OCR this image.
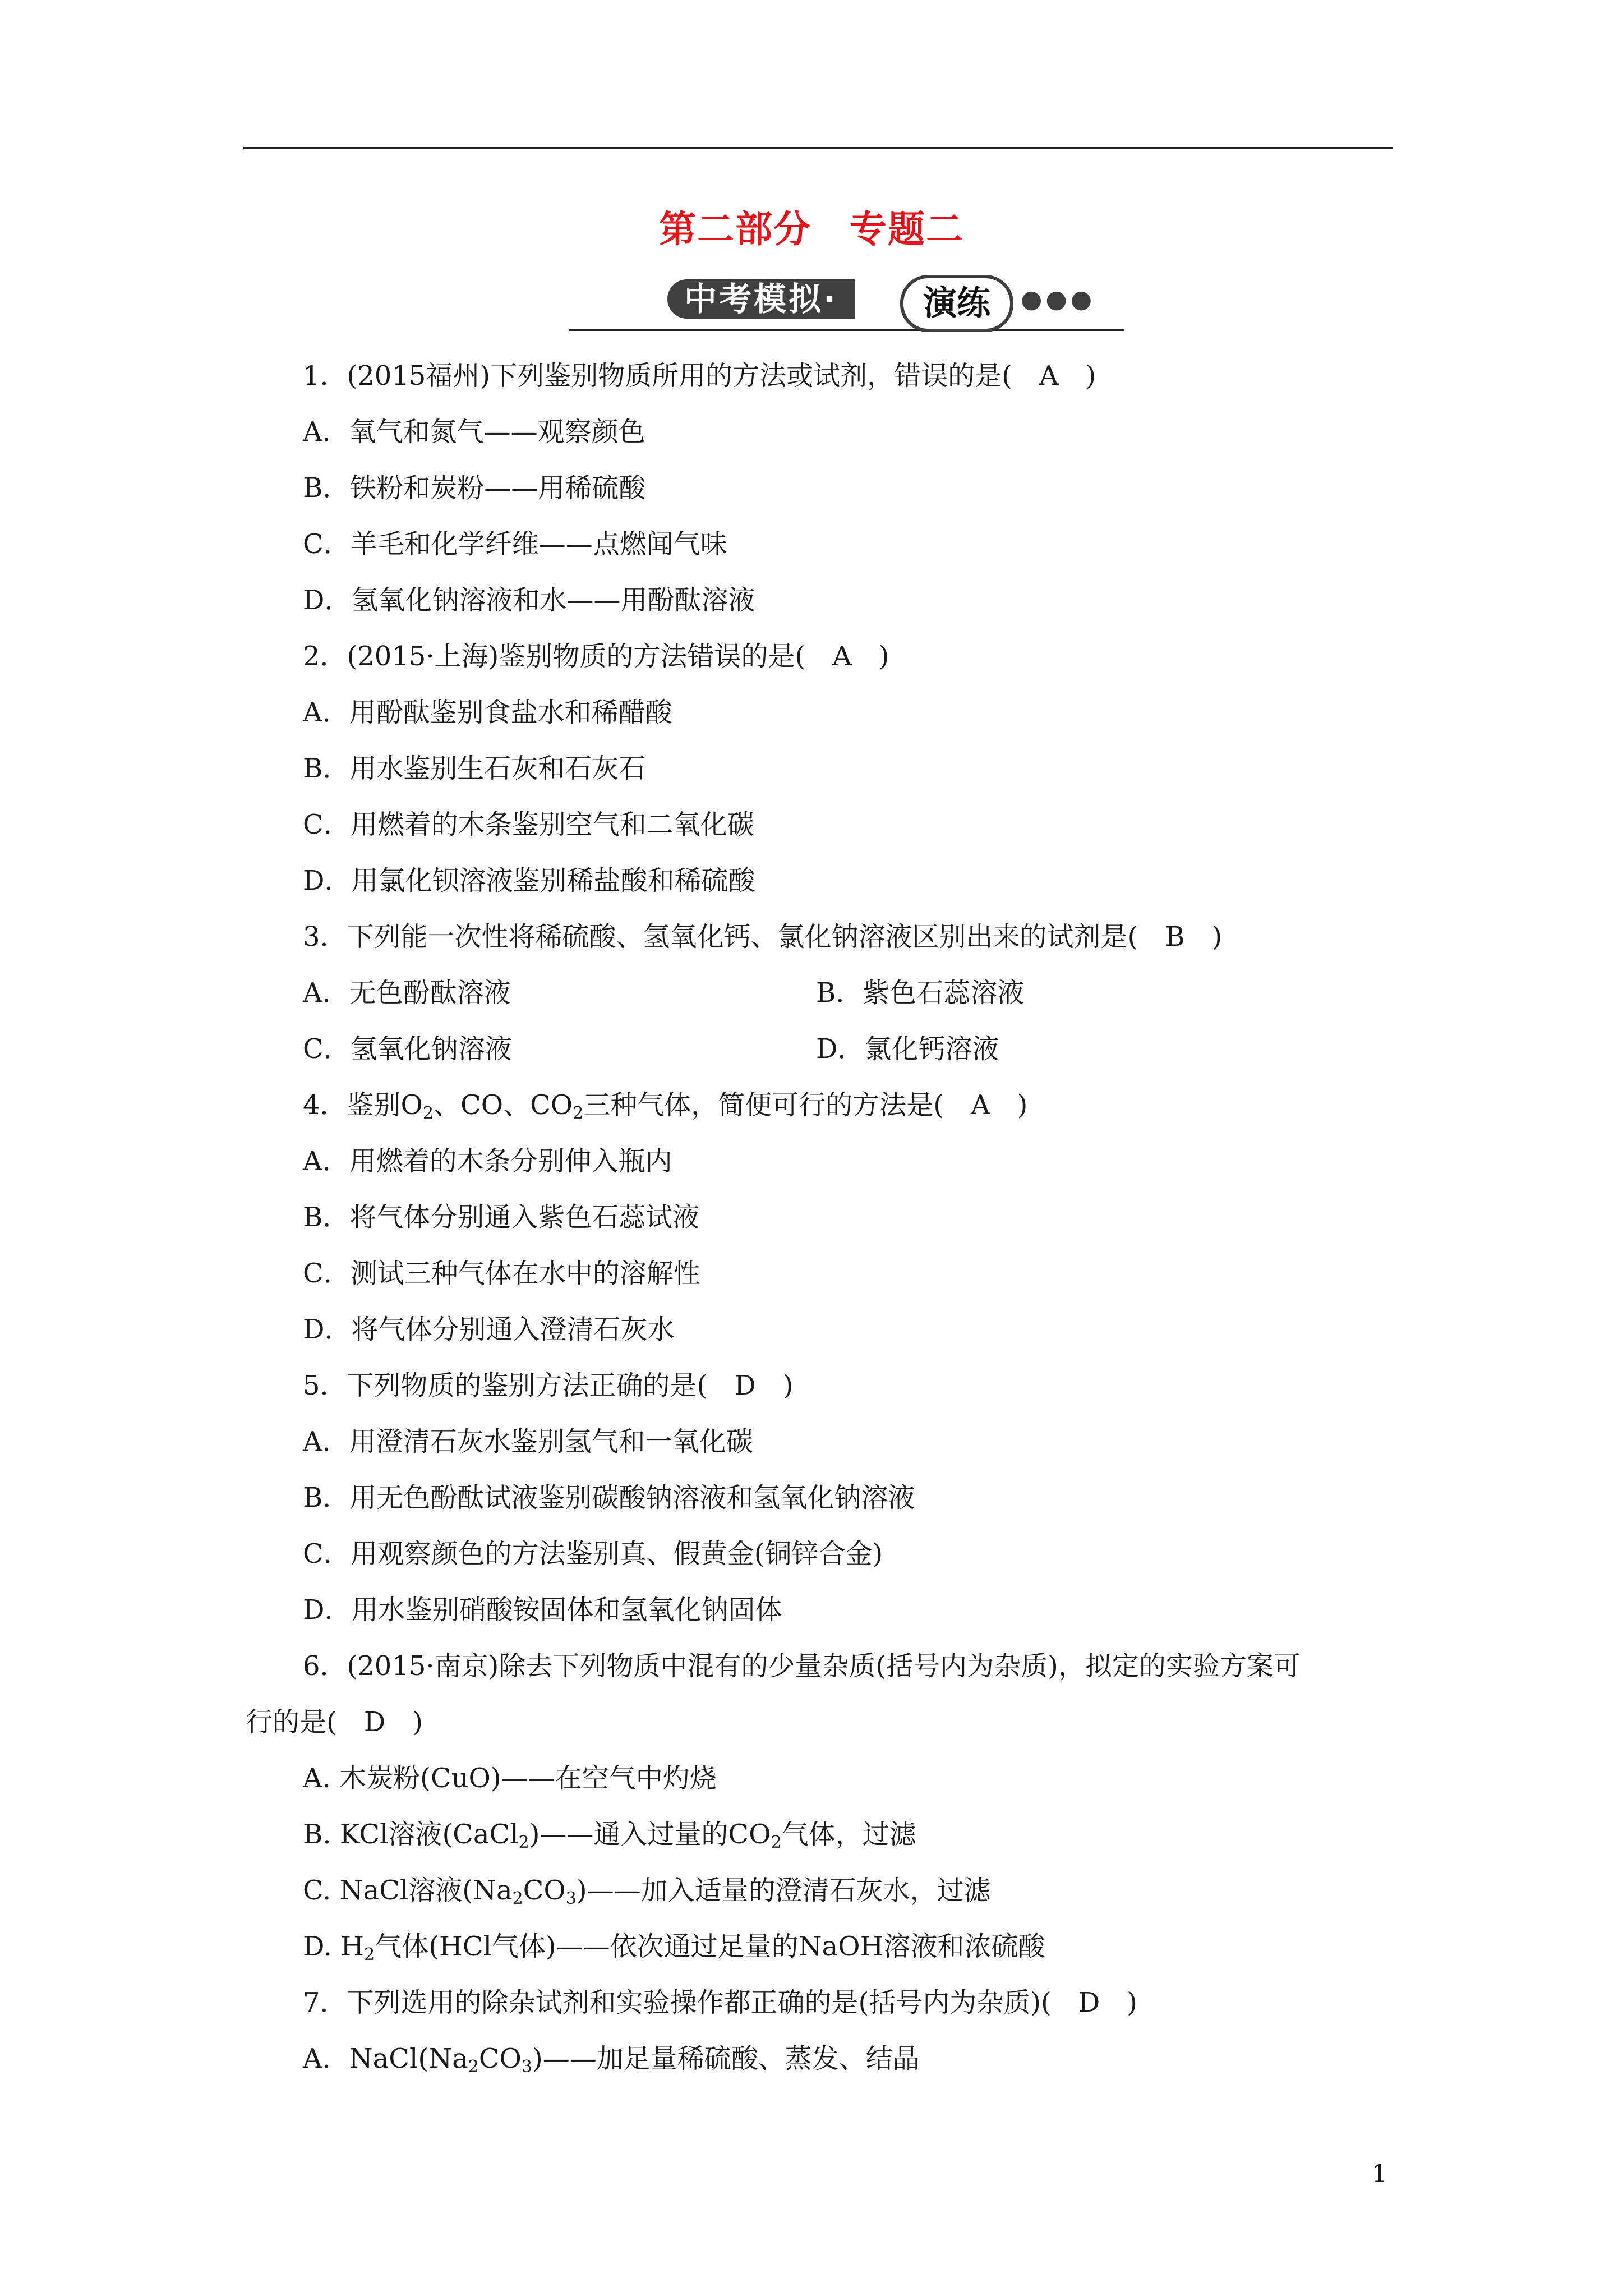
第二部分　专题二
中考模拟·	演练	●●●
1．(2015福州)下列鉴别物质所用的方法或试剂，错误的是(　A　)
A．氧气和氮气——观察颜色
B．铁粉和炭粉——用稀硫酸
C．羊毛和化学纤维——点燃闻气味
D．氢氧化钠溶液和水——用酚酞溶液
2．(2015·上海)鉴别物质的方法错误的是(　A　)
A．用酚酞鉴别食盐水和稀醋酸
B．用水鉴别生石灰和石灰石
C．用燃着的木条鉴别空气和二氧化碳
D．用氯化钡溶液鉴别稀盐酸和稀硫酸
3．下列能一次性将稀硫酸、氢氧化钙、氯化钠溶液区别出来的试剂是(　B　)
A．无色酚酞溶液	B．紫色石蕊溶液
C．氢氧化钠溶液	D．氯化钙溶液
4．鉴别$O_2$、CO、$CO_2$三种气体，简便可行的方法是(　A　)
A．用燃着的木条分别伸入瓶内
B．将气体分别通入紫色石蕊试液
C．测试三种气体在水中的溶解性
D．将气体分别通入澄清石灰水
5．下列物质的鉴别方法正确的是(　D　)
A．用澄清石灰水鉴别氢气和一氧化碳
B．用无色酚酞试液鉴别碳酸钠溶液和氢氧化钠溶液
C．用观察颜色的方法鉴别真、假黄金(铜锌合金)
D．用水鉴别硝酸铵固体和氢氧化钠固体
6．(2015·南京)除去下列物质中混有的少量杂质(括号内为杂质)，拟定的实验方案可
行的是(　D　)
A. 木炭粉(CuO)——在空气中灼烧
B. KCl溶液(CaCl$_2$)——通入过量的$CO_2$气体，过滤
C. NaCl溶液$(Na_2CO_3)——$加入适量的澄清石灰水，过滤
D. $H_2$气体(HCl气体)——依次通过足量的NaOH溶液和浓硫酸
7．下列选用的除杂试剂和实验操作都正确的是(括号内为杂质)(　D　)
A．$NaCl(Na_2CO_3)——$加足量稀硫酸、蒸发、结晶
1
